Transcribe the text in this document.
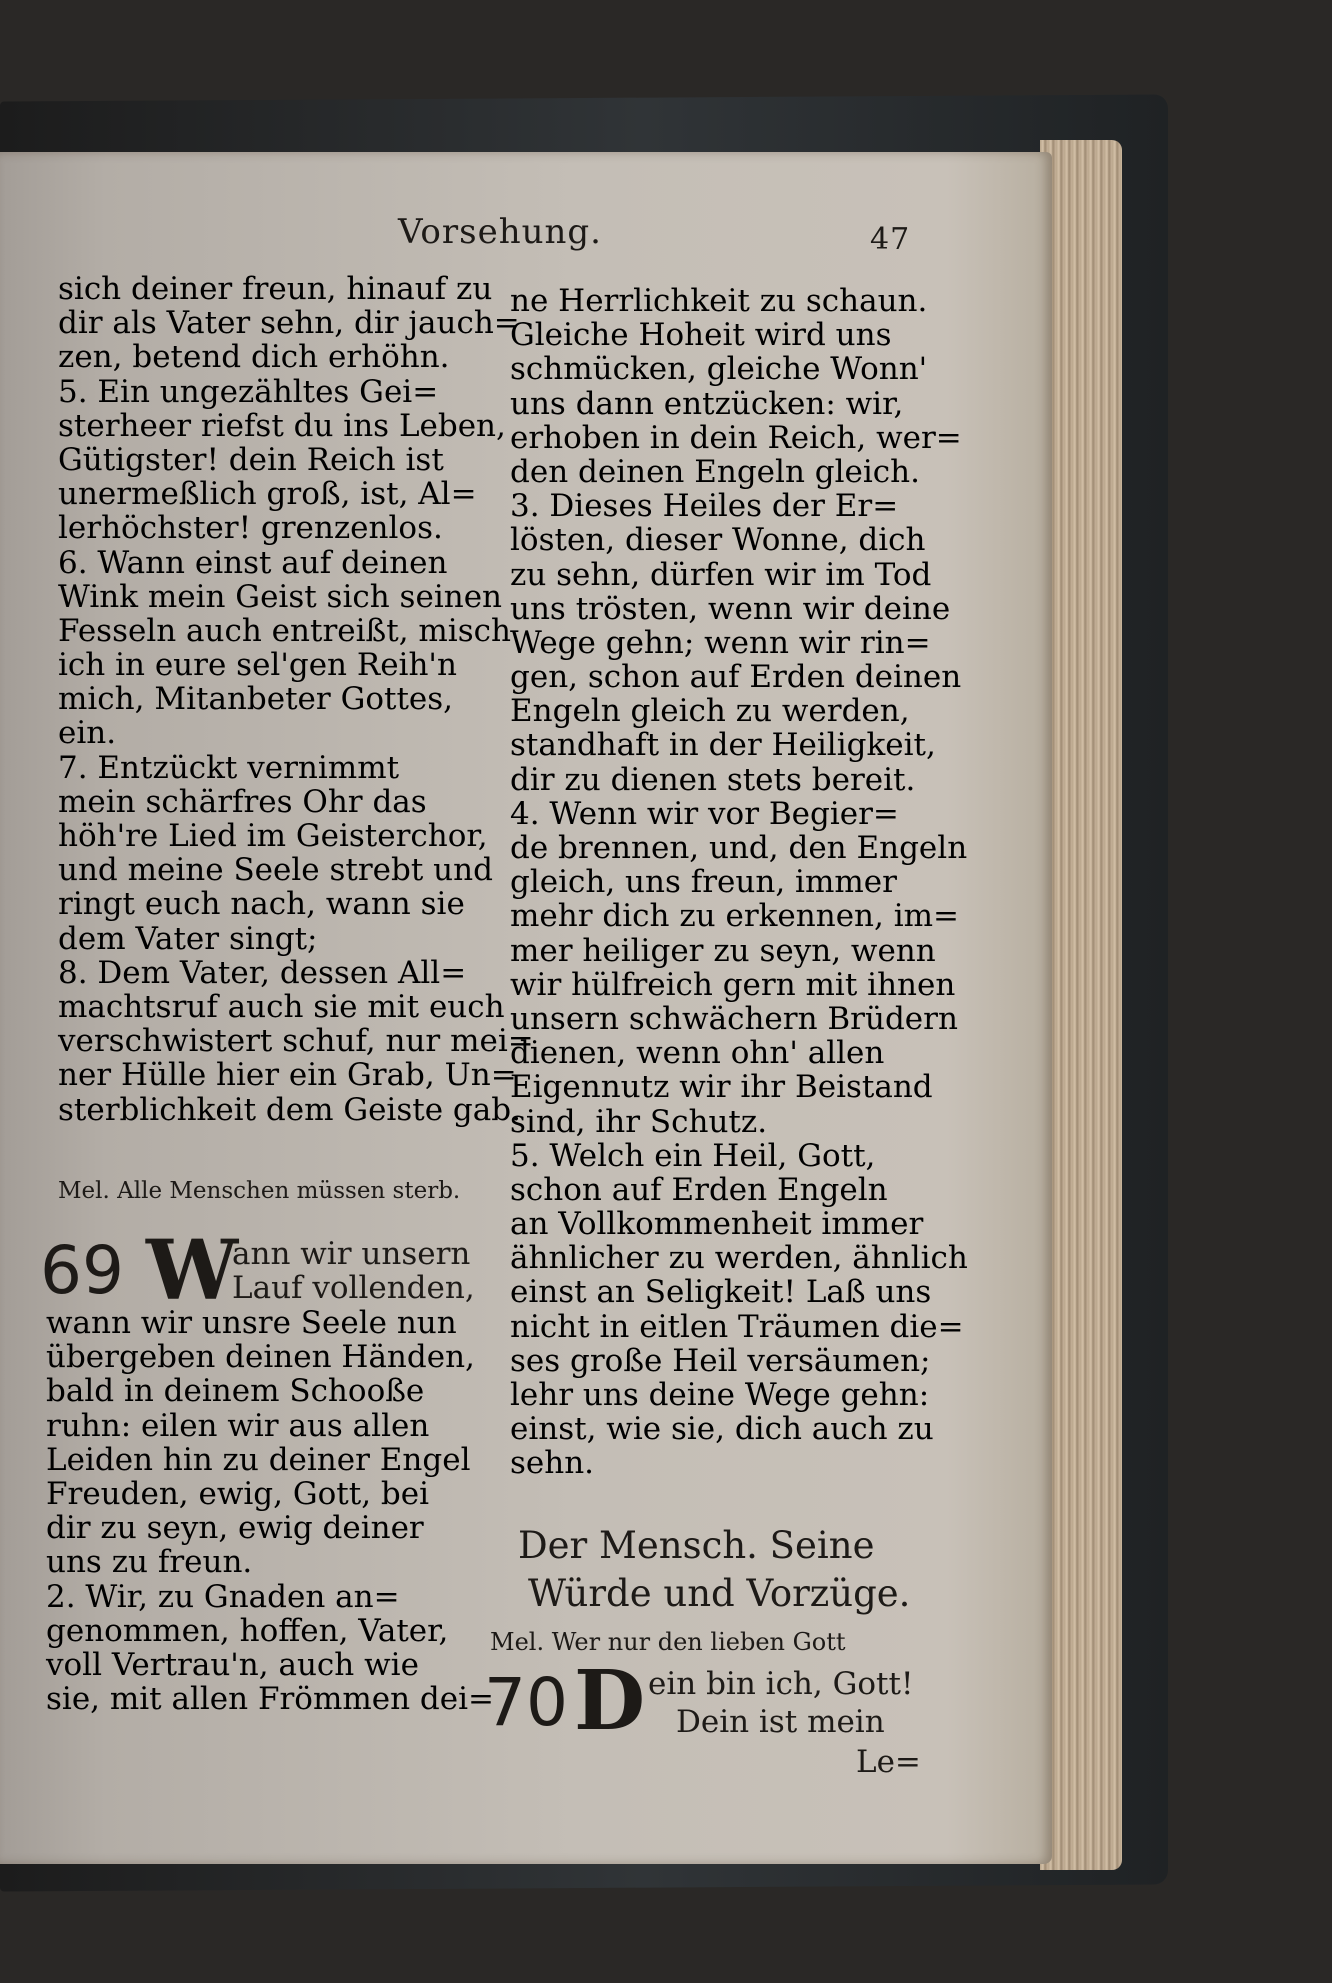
Vorsehung.	47
sich deiner freun, hinauf zu
dir als Vater sehn, dir jauch=
zen, betend dich erhöhn.
5. Ein ungezähltes Gei=
sterheer riefst du ins Leben,
Gütigster! dein Reich ist
unermeßlich groß, ist, Al=
lerhöchster! grenzenlos.
6. Wann einst auf deinen
Wink mein Geist sich seinen
Fesseln auch entreißt, misch
ich in eure sel'gen Reih'n
mich, Mitanbeter Gottes,
ein.
7. Entzückt vernimmt
mein schärfres Ohr das
höh're Lied im Geisterchor,
und meine Seele strebt und
ringt euch nach, wann sie
dem Vater singt;
8. Dem Vater, dessen All=
machtsruf auch sie mit euch
verschwistert schuf, nur mei=
ner Hülle hier ein Grab, Un=
sterblichkeit dem Geiste gab.
Mel. Alle Menschen müssen sterb.
69 W
ann wir unsern
Lauf vollenden,
wann wir unsre Seele nun
übergeben deinen Händen,
bald in deinem Schooße
ruhn: eilen wir aus allen
Leiden hin zu deiner Engel
Freuden, ewig, Gott, bei
dir zu seyn, ewig deiner
uns zu freun.
2. Wir, zu Gnaden an=
genommen, hoffen, Vater,
voll Vertrau'n, auch wie
sie, mit allen Frömmen dei=
ne Herrlichkeit zu schaun.
Gleiche Hoheit wird uns
schmücken, gleiche Wonn'
uns dann entzücken: wir,
erhoben in dein Reich, wer=
den deinen Engeln gleich.
3. Dieses Heiles der Er=
lösten, dieser Wonne, dich
zu sehn, dürfen wir im Tod
uns trösten, wenn wir deine
Wege gehn; wenn wir rin=
gen, schon auf Erden deinen
Engeln gleich zu werden,
standhaft in der Heiligkeit,
dir zu dienen stets bereit.
4. Wenn wir vor Begier=
de brennen, und, den Engeln
gleich, uns freun, immer
mehr dich zu erkennen, im=
mer heiliger zu seyn, wenn
wir hülfreich gern mit ihnen
unsern schwächern Brüdern
dienen, wenn ohn' allen
Eigennutz wir ihr Beistand
sind, ihr Schutz.
5. Welch ein Heil, Gott,
schon auf Erden Engeln
an Vollkommenheit immer
ähnlicher zu werden, ähnlich
einst an Seligkeit! Laß uns
nicht in eitlen Träumen die=
ses große Heil versäumen;
lehr uns deine Wege gehn:
einst, wie sie, dich auch zu
sehn.
Der Mensch. Seine
Würde und Vorzüge.
Mel. Wer nur den lieben Gott
70 D ein bin ich, Gott!
Dein ist mein
Le=
